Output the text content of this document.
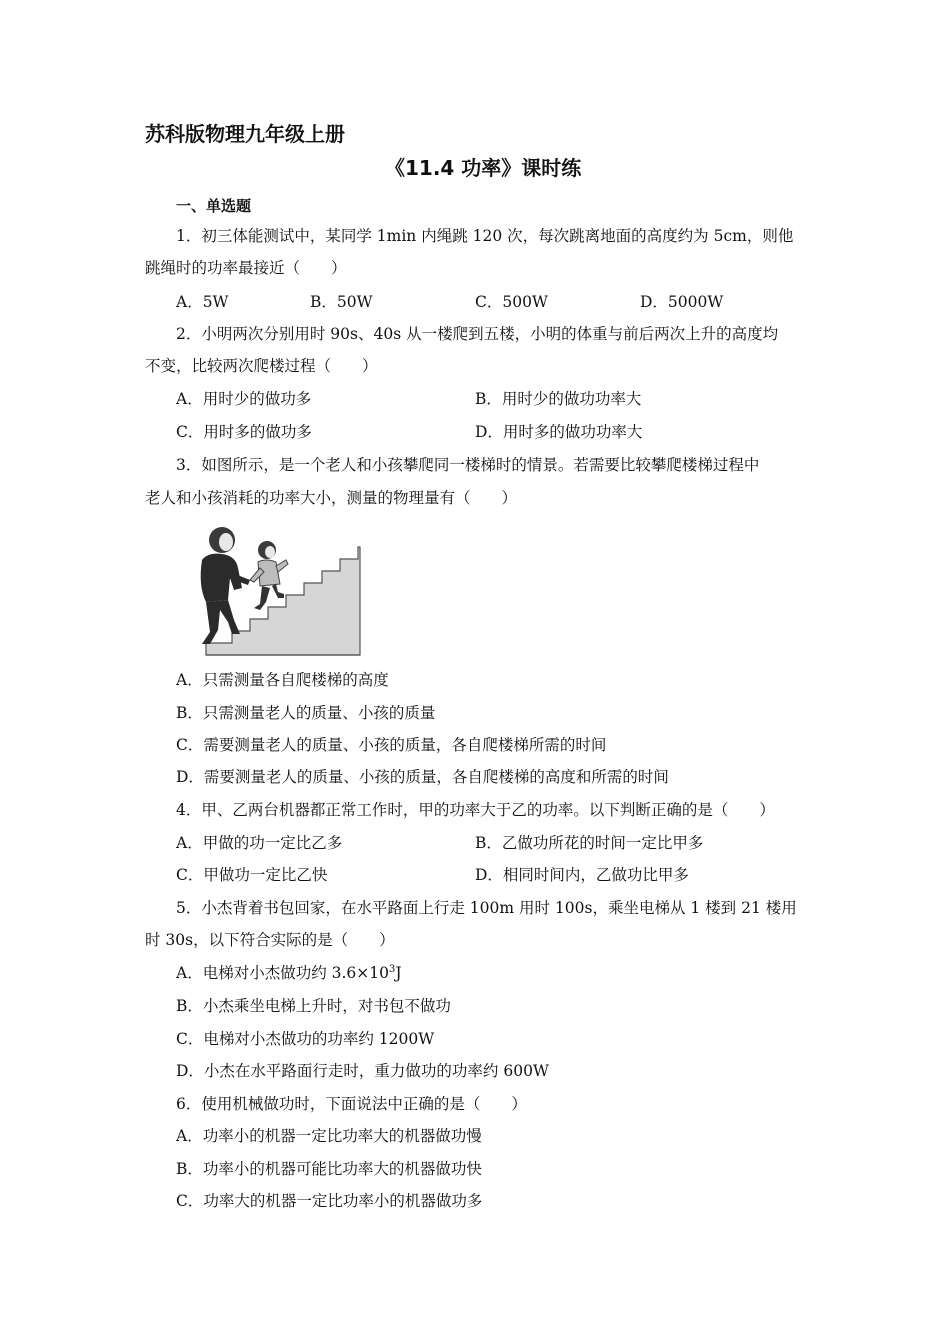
苏科版物理九年级上册
《11.4 功率》课时练
一、单选题
1．初三体能测试中，某同学 1min 内绳跳 120 次，每次跳离地面的高度约为 5cm，则他
跳绳时的功率最接近（　　）
A．5W	B．50W	C．500W	D．5000W
2．小明两次分别用时 90s、40s 从一楼爬到五楼，小明的体重与前后两次上升的高度均
不变，比较两次爬楼过程（　　）
A．用时少的做功多	B．用时少的做功功率大
C．用时多的做功多	D．用时多的做功功率大
3．如图所示，是一个老人和小孩攀爬同一楼梯时的情景。若需要比较攀爬楼梯过程中
老人和小孩消耗的功率大小，测量的物理量有（　　）
A．只需测量各自爬楼梯的高度
B．只需测量老人的质量、小孩的质量
C．需要测量老人的质量、小孩的质量，各自爬楼梯所需的时间
D．需要测量老人的质量、小孩的质量，各自爬楼梯的高度和所需的时间
4．甲、乙两台机器都正常工作时，甲的功率大于乙的功率。以下判断正确的是（　　）
A．甲做的功一定比乙多	B．乙做功所花的时间一定比甲多
C．甲做功一定比乙快	D．相同时间内，乙做功比甲多
5．小杰背着书包回家，在水平路面上行走 100m 用时 100s，乘坐电梯从 1 楼到 21 楼用
时 30s，以下符合实际的是（　　）
A．电梯对小杰做功约 $3.6\times 10^3J$
B．小杰乘坐电梯上升时，对书包不做功
C．电梯对小杰做功的功率约 1200W
D．小杰在水平路面行走时，重力做功的功率约 600W
6．使用机械做功时，下面说法中正确的是（　　）
A．功率小的机器一定比功率大的机器做功慢
B．功率小的机器可能比功率大的机器做功快
C．功率大的机器一定比功率小的机器做功多
